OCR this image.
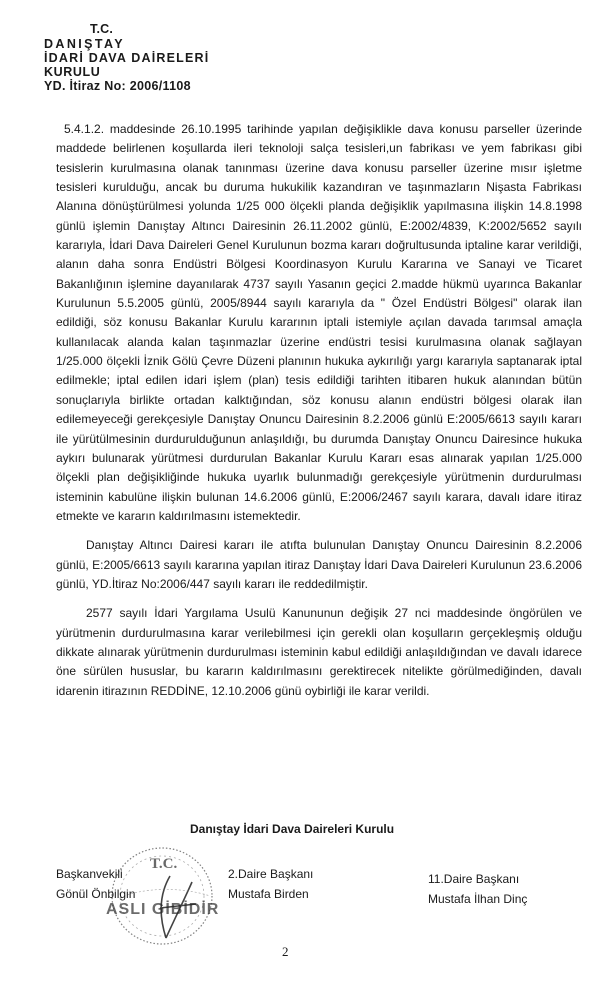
T.C.
DANIŞTAY
İDARİ DAVA DAİRELERİ
KURULU
YD. İtiraz No: 2006/1108

5.4.1.2. maddesinde 26.10.1995 tarihinde yapılan değişiklikle dava konusu parseller üzerinde maddede belirlenen koşullarda ileri teknoloji salça tesisleri,un fabrikası ve yem fabrikası gibi tesislerin kurulmasına olanak tanınması üzerine dava konusu parseller üzerine mısır işletme tesisleri kurulduğu, ancak bu duruma hukukilik kazandıran ve taşınmazların Nişasta Fabrikası Alanına dönüştürülmesi yolunda 1/25 000 ölçekli planda değişiklik yapılmasına ilişkin 14.8.1998 günlü işlemin Danıştay Altıncı Dairesinin 26.11.2002 günlü, E:2002/4839, K:2002/5652 sayılı kararıyla, İdari Dava Daireleri Genel Kurulunun bozma kararı doğrultusunda iptaline karar verildiği, alanın daha sonra Endüstri Bölgesi Koordinasyon Kurulu Kararına ve Sanayi ve Ticaret Bakanlığının işlemine dayanılarak 4737 sayılı Yasanın geçici 2.madde hükmü uyarınca Bakanlar Kurulunun 5.5.2005 günlü, 2005/8944 sayılı kararıyla da " Özel Endüstri Bölgesi" olarak ilan edildiği, söz konusu Bakanlar Kurulu kararının iptali istemiyle açılan davada tarımsal amaçla kullanılacak alanda kalan taşınmazlar üzerine endüstri tesisi kurulmasına olanak sağlayan 1/25.000 ölçekli İznik Gölü Çevre Düzeni planının hukuka aykırılığı yargı kararıyla saptanarak iptal edilmekle; iptal edilen idari işlem (plan) tesis edildiği tarihten itibaren hukuk alanından bütün sonuçlarıyla birlikte ortadan kalktığından, söz konusu alanın endüstri bölgesi olarak ilan edilemeyeceği gerekçesiyle Danıştay Onuncu Dairesinin 8.2.2006 günlü E:2005/6613 sayılı kararı ile yürütülmesinin durdurulduğunun anlaşıldığı, bu durumda Danıştay Onuncu Dairesince hukuka aykırı bulunarak yürütmesi durdurulan Bakanlar Kurulu Kararı esas alınarak yapılan 1/25.000 ölçekli plan değişikliğinde hukuka uyarlık bulunmadığı gerekçesiyle yürütmenin durdurulması isteminin kabulüne ilişkin bulunan 14.6.2006 günlü, E:2006/2467 sayılı karara, davalı idare itiraz etmekte ve kararın kaldırılmasını istemektedir.

Danıştay Altıncı Dairesi kararı ile atıfta bulunulan Danıştay Onuncu Dairesinin 8.2.2006 günlü, E:2005/6613 sayılı kararına yapılan itiraz Danıştay İdari Dava Daireleri Kurulunun 23.6.2006 günlü, YD.İtiraz No:2006/447 sayılı kararı ile reddedilmiştir.

2577 sayılı İdari Yargılama Usulü Kanununun değişik 27 nci maddesinde öngörülen ve yürütmenin durdurulmasına karar verilebilmesi için gerekli olan koşulların gerçekleşmiş olduğu dikkate alınarak yürütmenin durdurulması isteminin kabul edildiği anlaşıldığından ve davalı idarece öne sürülen hususlar, bu kararın kaldırılmasını gerektirecek nitelikte görülmediğinden, davalı idarenin itirazının REDDİNE, 12.10.2006 günü oybirliği ile karar verildi.

Danıştay İdari Dava Daireleri Kurulu
T.C.
ASLI GİBİDİR
Başkanvekili
Gönül Önbilgin
2.Daire Başkanı
Mustafa Birden
11.Daire Başkanı
Mustafa İlhan Dinç
2
